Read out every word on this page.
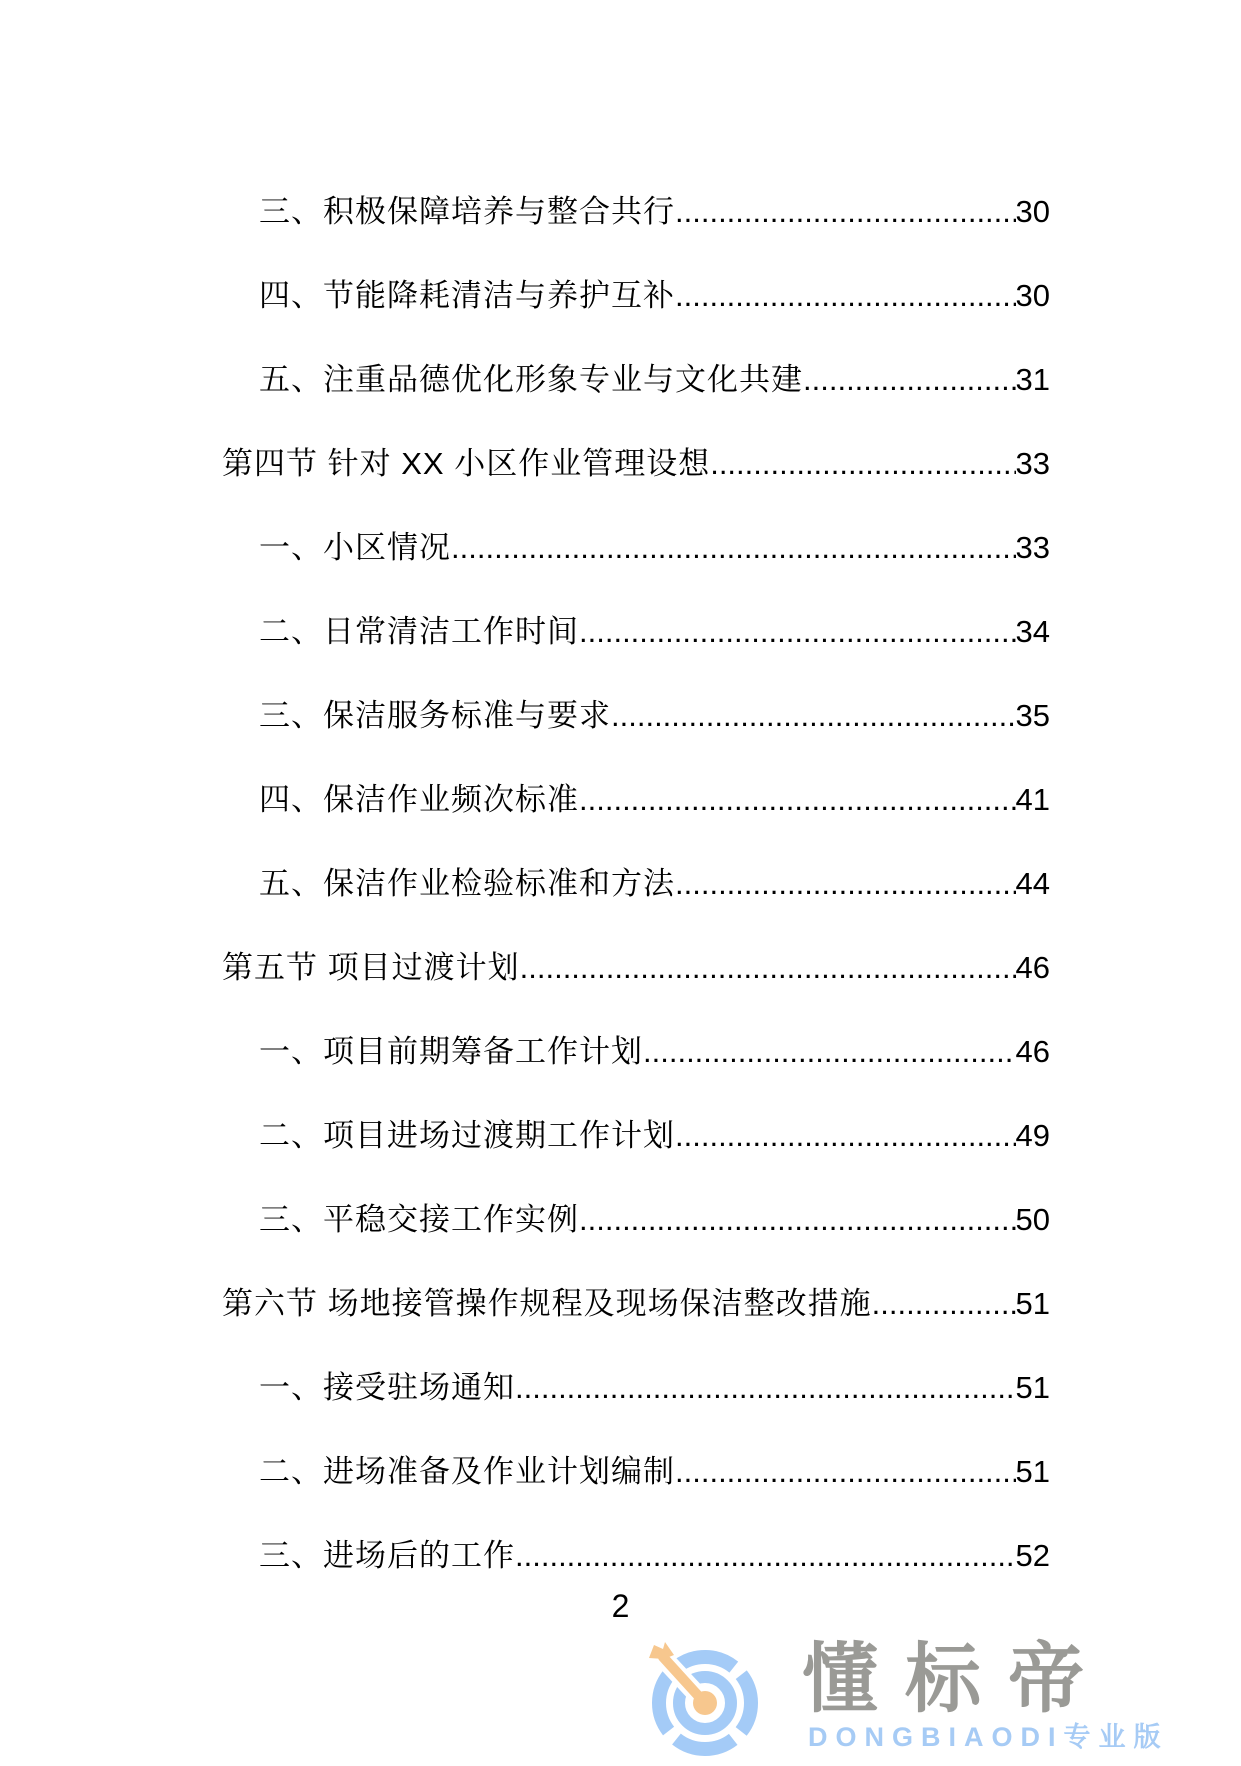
三、积极保障培养与整合共行 .....	30
四、节能降耗清洁与养护互补 .....	30
五、注重品德优化形象专业与文化共建 .....	31
第四节 针对 XX 小区作业管理设想 .....	33
一、小区情况 .....	33
二、日常清洁工作时间 .....	34
三、保洁服务标准与要求 .....	35
四、保洁作业频次标准 .....	41
五、保洁作业检验标准和方法 .....	44
第五节 项目过渡计划 .....	46
一、项目前期筹备工作计划 .....	46
二、项目进场过渡期工作计划 .....	49
三、平稳交接工作实例 .....	50
第六节 场地接管操作规程及现场保洁整改措施 .....	51
一、接受驻场通知 .....	51
二、进场准备及作业计划编制 .....	51
三、进场后的工作 .....	52
2
懂标帝
DONGBIAODI专业版
